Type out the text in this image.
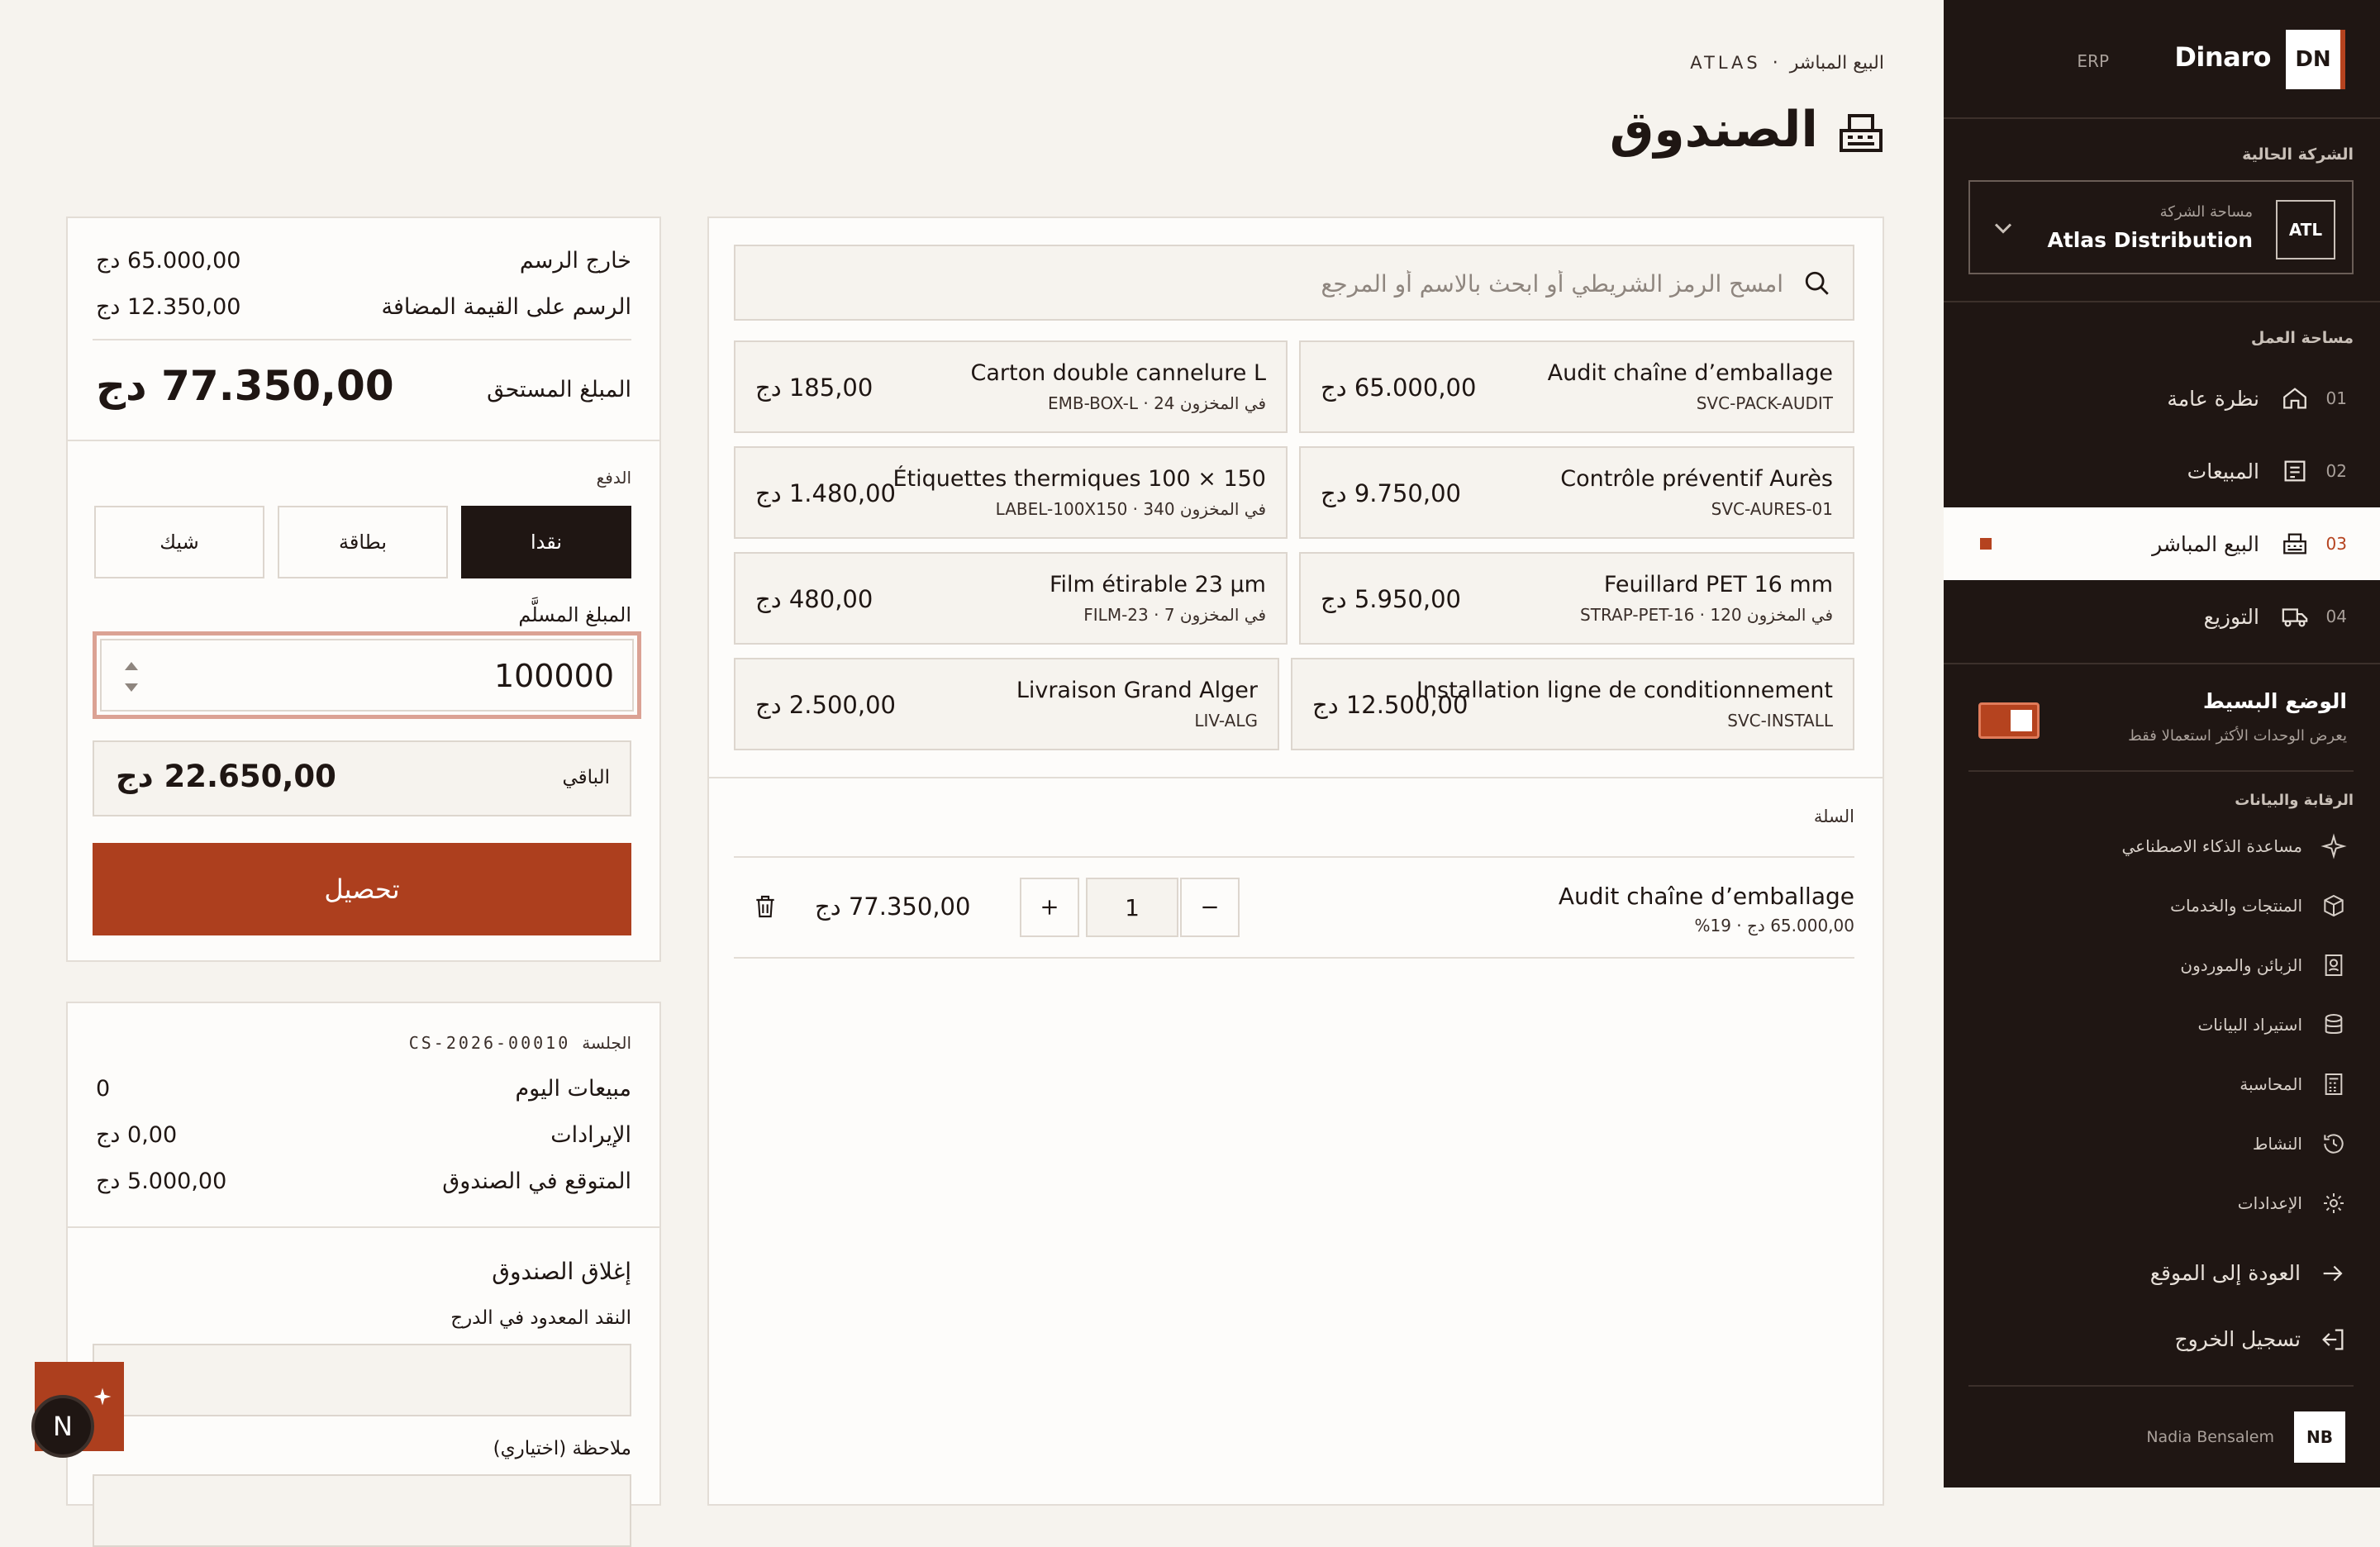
DN
Dinaro
ERP
الشركة الحالية
ATL
مساحة الشركة
Atlas Distribution
مساحة العمل
01
نظرة عامة
02
المبيعات
03
البيع المباشر
04
التوزيع
الوضع البسيط
يعرض الوحدات الأكثر استعمالا فقط
الرقابة والبيانات
مساعدة الذكاء الاصطناعي
المنتجات والخدمات
الزبائن والموردون
استيراد البيانات
المحاسبة
النشاط
الإعدادات
العودة إلى الموقع
تسجيل الخروج
NB
Nadia Bensalem
البيع المباشر
·
ATLAS
الصندوق
امسح الرمز الشريطي أو ابحث بالاسم أو المرجع
Audit chaîne d’emballage
SVC-PACK-AUDIT
65.000,00 دج
Carton double cannelure L
EMB-BOX-L · 24 في المخزون
185,00 دج
Contrôle préventif Aurès
SVC-AURES-01
9.750,00 دج
Étiquettes thermiques 100 × 150
LABEL-100X150 · 340 في المخزون
1.480,00 دج
Feuillard PET 16 mm
STRAP-PET-16 · 120 في المخزون
5.950,00 دج
Film étirable 23 µm
FILM-23 · 7 في المخزون
480,00 دج
Installation ligne de conditionnement
SVC-INSTALL
12.500,00 دج
Livraison Grand Alger
LIV-ALG
2.500,00 دج
السلة
Audit chaîne d’emballage
65.000,00 دج · 19%
1
77.350,00 دج
خارج الرسم
65.000,00 دج
الرسم على القيمة المضافة
12.350,00 دج
المبلغ المستحق
77.350,00 دج
الدفع
نقدا
بطاقة
شيك
المبلغ المسلَّم
100000
الباقي
22.650,00 دج
تحصيل
الجلسة
CS-2026-00010
مبيعات اليوم
0
الإيرادات
0,00 دج
المتوقع في الصندوق
5.000,00 دج
إغلاق الصندوق
النقد المعدود في الدرج
ملاحظة (اختياري)
N
